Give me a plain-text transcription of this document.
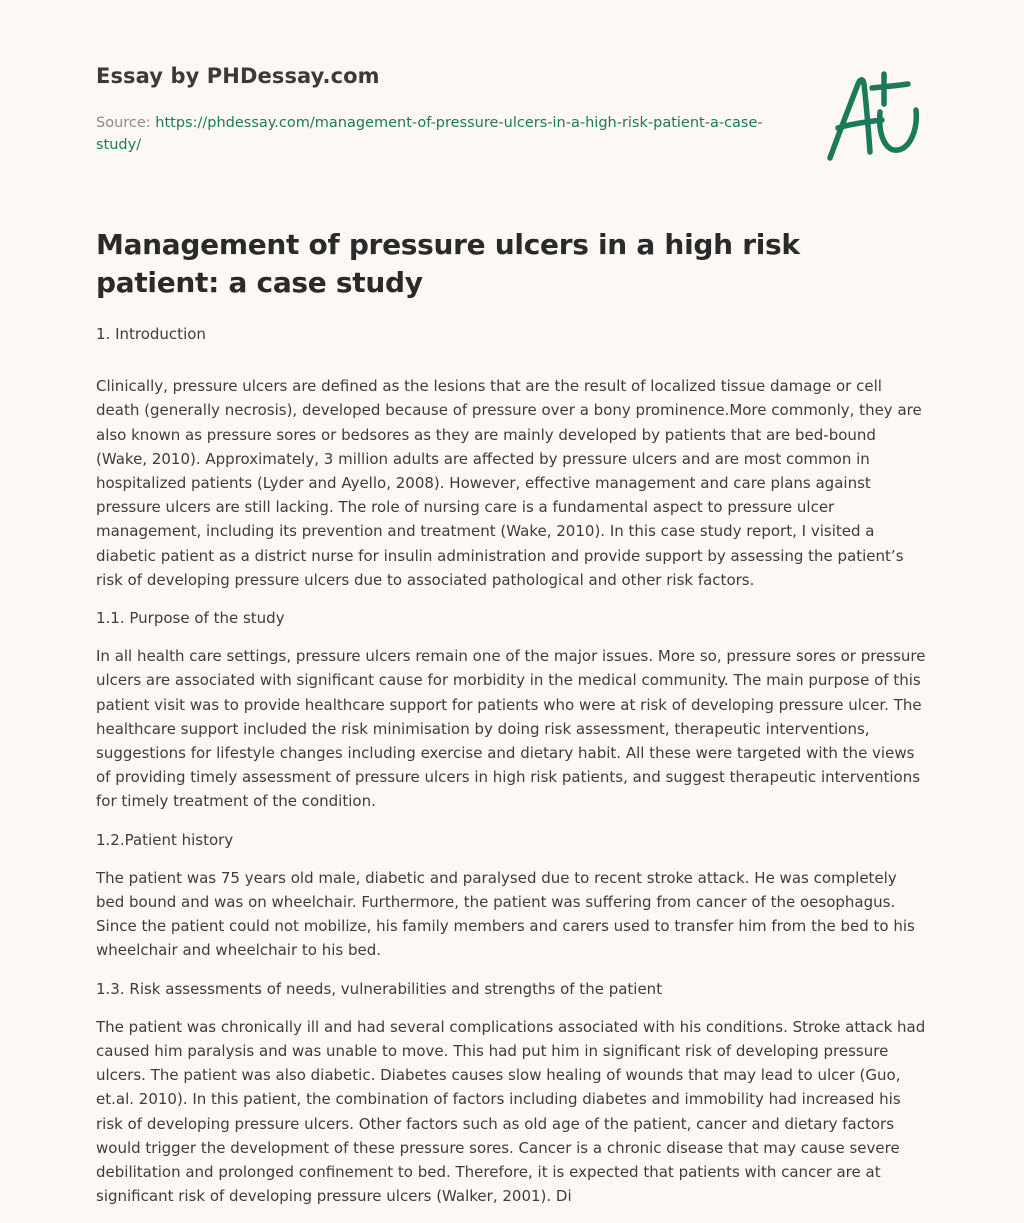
Essay by PHDessay.com
Source: https://phdessay.com/management-of-pressure-ulcers-in-a-high-risk-patient-a-case-study/
Management of pressure ulcers in a high risk patient: a case study

1. Introduction

Clinically, pressure ulcers are defined as the lesions that are the result of localized tissue damage or cell death (generally necrosis), developed because of pressure over a bony prominence.More commonly, they are also known as pressure sores or bedsores as they are mainly developed by patients that are bed-bound (Wake, 2010). Approximately, 3 million adults are affected by pressure ulcers and are most common in hospitalized patients (Lyder and Ayello, 2008). However, effective management and care plans against pressure ulcers are still lacking. The role of nursing care is a fundamental aspect to pressure ulcer management, including its prevention and treatment (Wake, 2010). In this case study report, I visited a diabetic patient as a district nurse for insulin administration and provide support by assessing the patient’s risk of developing pressure ulcers due to associated pathological and other risk factors.

1.1. Purpose of the study

In all health care settings, pressure ulcers remain one of the major issues. More so, pressure sores or pressure ulcers are associated with significant cause for morbidity in the medical community. The main purpose of this patient visit was to provide healthcare support for patients who were at risk of developing pressure ulcer. The healthcare support included the risk minimisation by doing risk assessment, therapeutic interventions, suggestions for lifestyle changes including exercise and dietary habit. All these were targeted with the views of providing timely assessment of pressure ulcers in high risk patients, and suggest therapeutic interventions for timely treatment of the condition.

1.2.Patient history

The patient was 75 years old male, diabetic and paralysed due to recent stroke attack. He was completely bed bound and was on wheelchair. Furthermore, the patient was suffering from cancer of the oesophagus. Since the patient could not mobilize, his family members and carers used to transfer him from the bed to his wheelchair and wheelchair to his bed.

1.3. Risk assessments of needs, vulnerabilities and strengths of the patient

The patient was chronically ill and had several complications associated with his conditions. Stroke attack had caused him paralysis and was unable to move. This had put him in significant risk of developing pressure ulcers. The patient was also diabetic. Diabetes causes slow healing of wounds that may lead to ulcer (Guo, et.al. 2010). In this patient, the combination of factors including diabetes and immobility had increased his risk of developing pressure ulcers. Other factors such as old age of the patient, cancer and dietary factors would trigger the development of these pressure sores. Cancer is a chronic disease that may cause severe debilitation and prolonged confinement to bed. Therefore, it is expected that patients with cancer are at significant risk of developing pressure ulcers (Walker, 2001). Di
